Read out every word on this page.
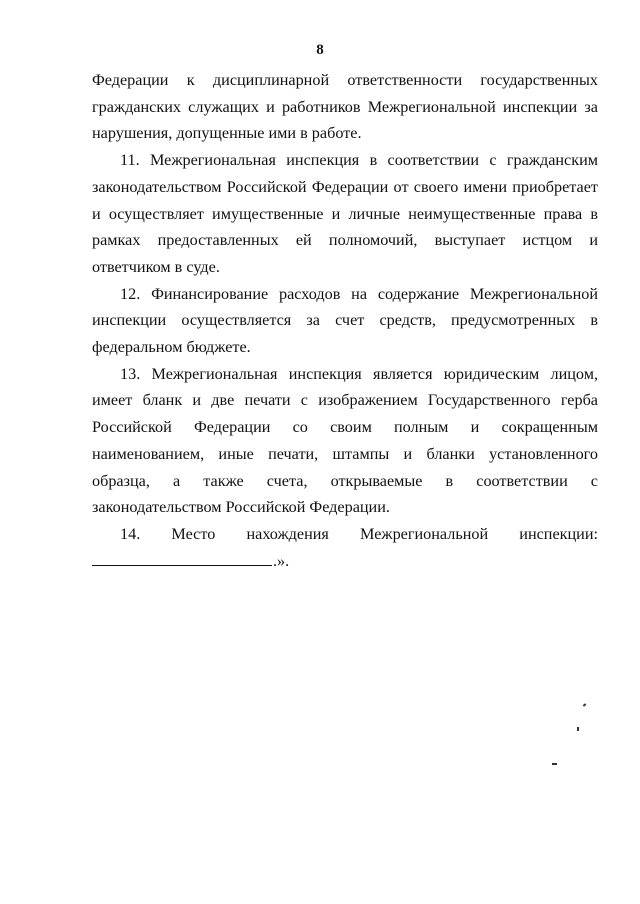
8

Федерации к дисциплинарной ответственности государственных гражданских служащих и работников Межрегиональной инспекции за нарушения, допущенные ими в работе.

11. Межрегиональная инспекция в соответствии с гражданским законодательством Российской Федерации от своего имени приобретает и осуществляет имущественные и личные неимущественные права в рамках предоставленных ей полномочий, выступает истцом и ответчиком в суде.

12. Финансирование расходов на содержание Межрегиональной инспекции осуществляется за счет средств, предусмотренных в федеральном бюджете.

13. Межрегиональная инспекция является юридическим лицом, имеет бланк и две печати с изображением Государственного герба Российской Федерации со своим полным и сокращенным наименованием, иные печати, штампы и бланки установленного образца, а также счета, открываемые в соответствии с законодательством Российской Федерации.

14. Место нахождения Межрегиональной инспекции:

.».
